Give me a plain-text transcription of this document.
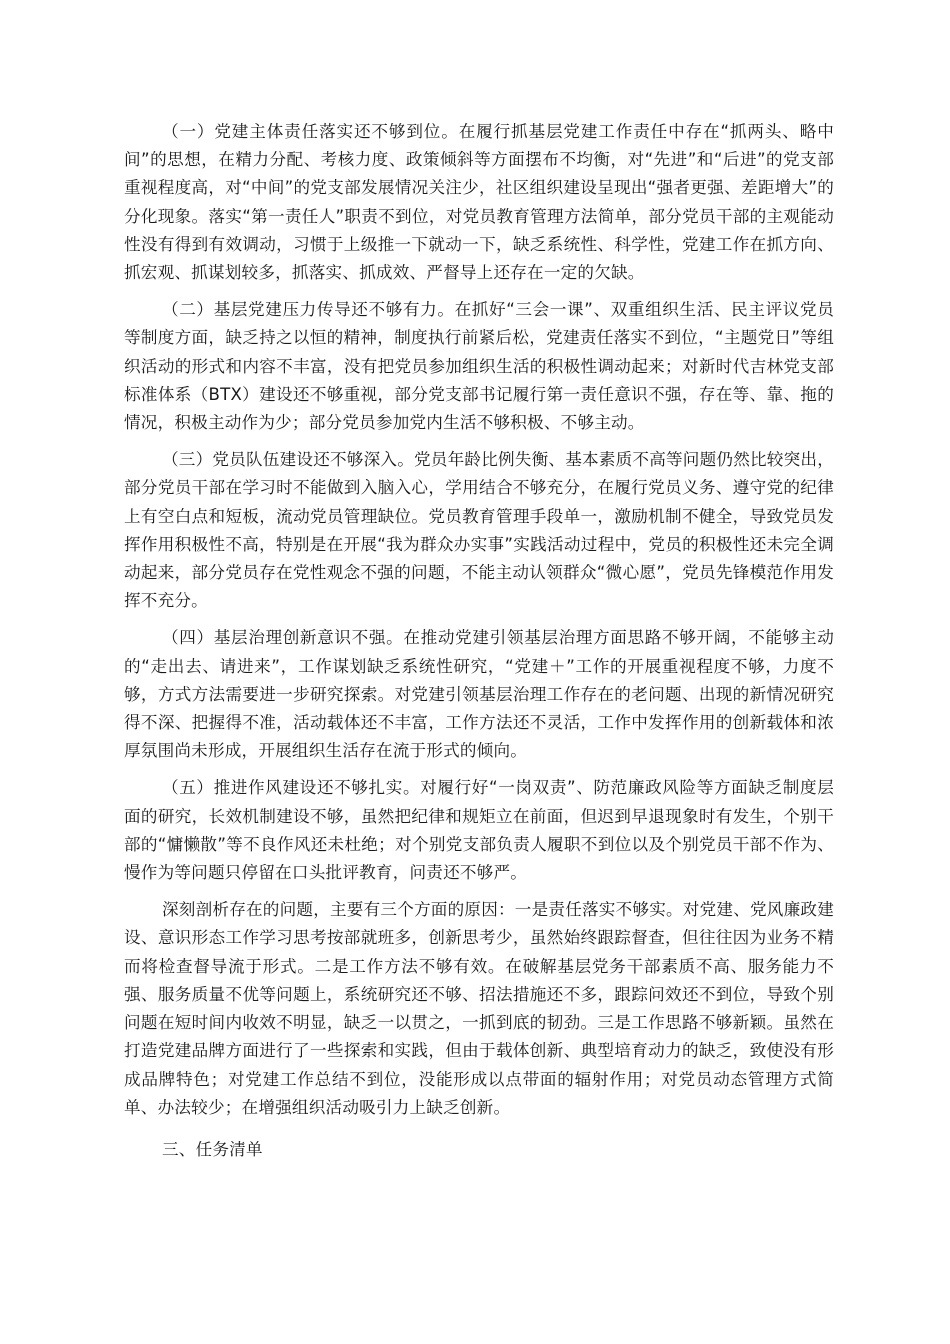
（一）党建主体责任落实还不够到位。在履行抓基层党建工作责任中存在“抓两头、略中间”的思想，在精力分配、考核力度、政策倾斜等方面摆布不均衡，对“先进”和“后进”的党支部重视程度高，对“中间”的党支部发展情况关注少，社区组织建设呈现出“强者更强、差距增大”的分化现象。落实“第一责任人”职责不到位，对党员教育管理方法简单，部分党员干部的主观能动性没有得到有效调动，习惯于上级推一下就动一下，缺乏系统性、科学性，党建工作在抓方向、抓宏观、抓谋划较多，抓落实、抓成效、严督导上还存在一定的欠缺。

（二）基层党建压力传导还不够有力。在抓好“三会一课”、双重组织生活、民主评议党员等制度方面，缺乏持之以恒的精神，制度执行前紧后松，党建责任落实不到位，“主题党日”等组织活动的形式和内容不丰富，没有把党员参加组织生活的积极性调动起来；对新时代吉林党支部标准体系（BTX）建设还不够重视，部分党支部书记履行第一责任意识不强，存在等、靠、拖的情况，积极主动作为少；部分党员参加党内生活不够积极、不够主动。

（三）党员队伍建设还不够深入。党员年龄比例失衡、基本素质不高等问题仍然比较突出，部分党员干部在学习时不能做到入脑入心，学用结合不够充分，在履行党员义务、遵守党的纪律上有空白点和短板，流动党员管理缺位。党员教育管理手段单一，激励机制不健全，导致党员发挥作用积极性不高，特别是在开展“我为群众办实事”实践活动过程中，党员的积极性还未完全调动起来，部分党员存在党性观念不强的问题，不能主动认领群众“微心愿”，党员先锋模范作用发挥不充分。

（四）基层治理创新意识不强。在推动党建引领基层治理方面思路不够开阔，不能够主动的“走出去、请进来”，工作谋划缺乏系统性研究，“党建＋”工作的开展重视程度不够，力度不够，方式方法需要进一步研究探索。对党建引领基层治理工作存在的老问题、出现的新情况研究得不深、把握得不准，活动载体还不丰富，工作方法还不灵活，工作中发挥作用的创新载体和浓厚氛围尚未形成，开展组织生活存在流于形式的倾向。

（五）推进作风建设还不够扎实。对履行好“一岗双责”、防范廉政风险等方面缺乏制度层面的研究，长效机制建设不够，虽然把纪律和规矩立在前面，但迟到早退现象时有发生，个别干部的“慵懒散”等不良作风还未杜绝；对个别党支部负责人履职不到位以及个别党员干部不作为、慢作为等问题只停留在口头批评教育，问责还不够严。

深刻剖析存在的问题，主要有三个方面的原因：一是责任落实不够实。对党建、党风廉政建设、意识形态工作学习思考按部就班多，创新思考少，虽然始终跟踪督查，但往往因为业务不精而将检查督导流于形式。二是工作方法不够有效。在破解基层党务干部素质不高、服务能力不强、服务质量不优等问题上，系统研究还不够、招法措施还不多，跟踪问效还不到位，导致个别问题在短时间内收效不明显，缺乏一以贯之，一抓到底的韧劲。三是工作思路不够新颖。虽然在打造党建品牌方面进行了一些探索和实践，但由于载体创新、典型培育动力的缺乏，致使没有形成品牌特色；对党建工作总结不到位，没能形成以点带面的辐射作用；对党员动态管理方式简单、办法较少；在增强组织活动吸引力上缺乏创新。

三、任务清单
